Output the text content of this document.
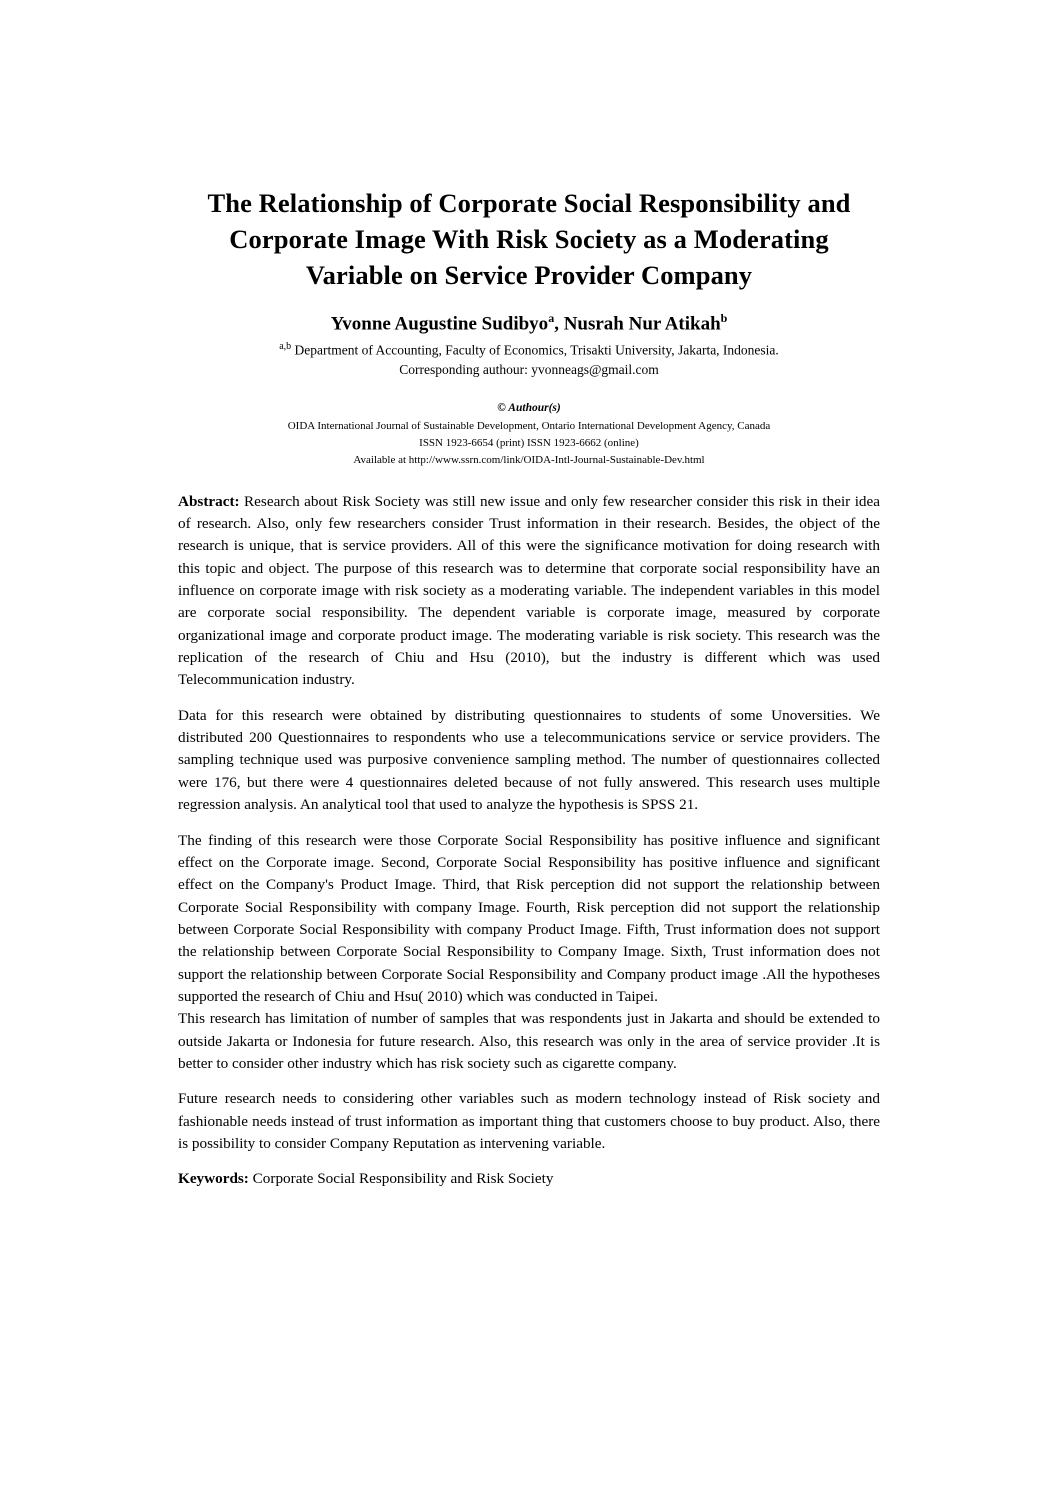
The Relationship of Corporate Social Responsibility and Corporate Image With Risk Society as a Moderating Variable on Service Provider Company
Yvonne Augustine Sudibyo$^a$, Nusrah Nur Atikah$^b$
$^{a,b}$ Department of Accounting, Faculty of Economics, Trisakti University, Jakarta, Indonesia.
Corresponding authour: yvonneags@gmail.com
© Authour(s)
OIDA International Journal of Sustainable Development, Ontario International Development Agency, Canada
ISSN 1923-6654 (print) ISSN 1923-6662 (online)
Available at http://www.ssrn.com/link/OIDA-Intl-Journal-Sustainable-Dev.html

Abstract: Research about Risk Society was still new issue and only few researcher consider this risk in their idea of research. Also, only few researchers consider Trust information in their research. Besides, the object of the research is unique, that is service providers. All of this were the significance motivation for doing research with this topic and object. The purpose of this research was to determine that corporate social responsibility have an influence on corporate image with risk society as a moderating variable. The independent variables in this model are corporate social responsibility. The dependent variable is corporate image, measured by corporate organizational image and corporate product image. The moderating variable is risk society. This research was the replication of the research of Chiu and Hsu (2010), but the industry is different which was used Telecommunication industry.

Data for this research were obtained by distributing questionnaires to students of some Unoversities. We distributed 200 Questionnaires to respondents who use a telecommunications service or service providers. The sampling technique used was purposive convenience sampling method. The number of questionnaires collected were 176, but there were 4 questionnaires deleted because of not fully answered. This research uses multiple regression analysis. An analytical tool that used to analyze the hypothesis is SPSS 21.

The finding of this research were those Corporate Social Responsibility has positive influence and significant effect on the Corporate image. Second, Corporate Social Responsibility has positive influence and significant effect on the Company's Product Image. Third, that Risk perception did not support the relationship between Corporate Social Responsibility with company Image. Fourth, Risk perception did not support the relationship between Corporate Social Responsibility with company Product Image. Fifth, Trust information does not support the relationship between Corporate Social Responsibility to Company Image. Sixth, Trust information does not support the relationship between Corporate Social Responsibility and Company product image .All the hypotheses supported the research of Chiu and Hsu( 2010) which was conducted in Taipei.

This research has limitation of number of samples that was respondents just in Jakarta and should be extended to outside Jakarta or Indonesia for future research. Also, this research was only in the area of service provider .It is better to consider other industry which has risk society such as cigarette company.

Future research needs to considering other variables such as modern technology instead of Risk society and fashionable needs instead of trust information as important thing that customers choose to buy product. Also, there is possibility to consider Company Reputation as intervening variable.

Keywords: Corporate Social Responsibility and Risk Society
